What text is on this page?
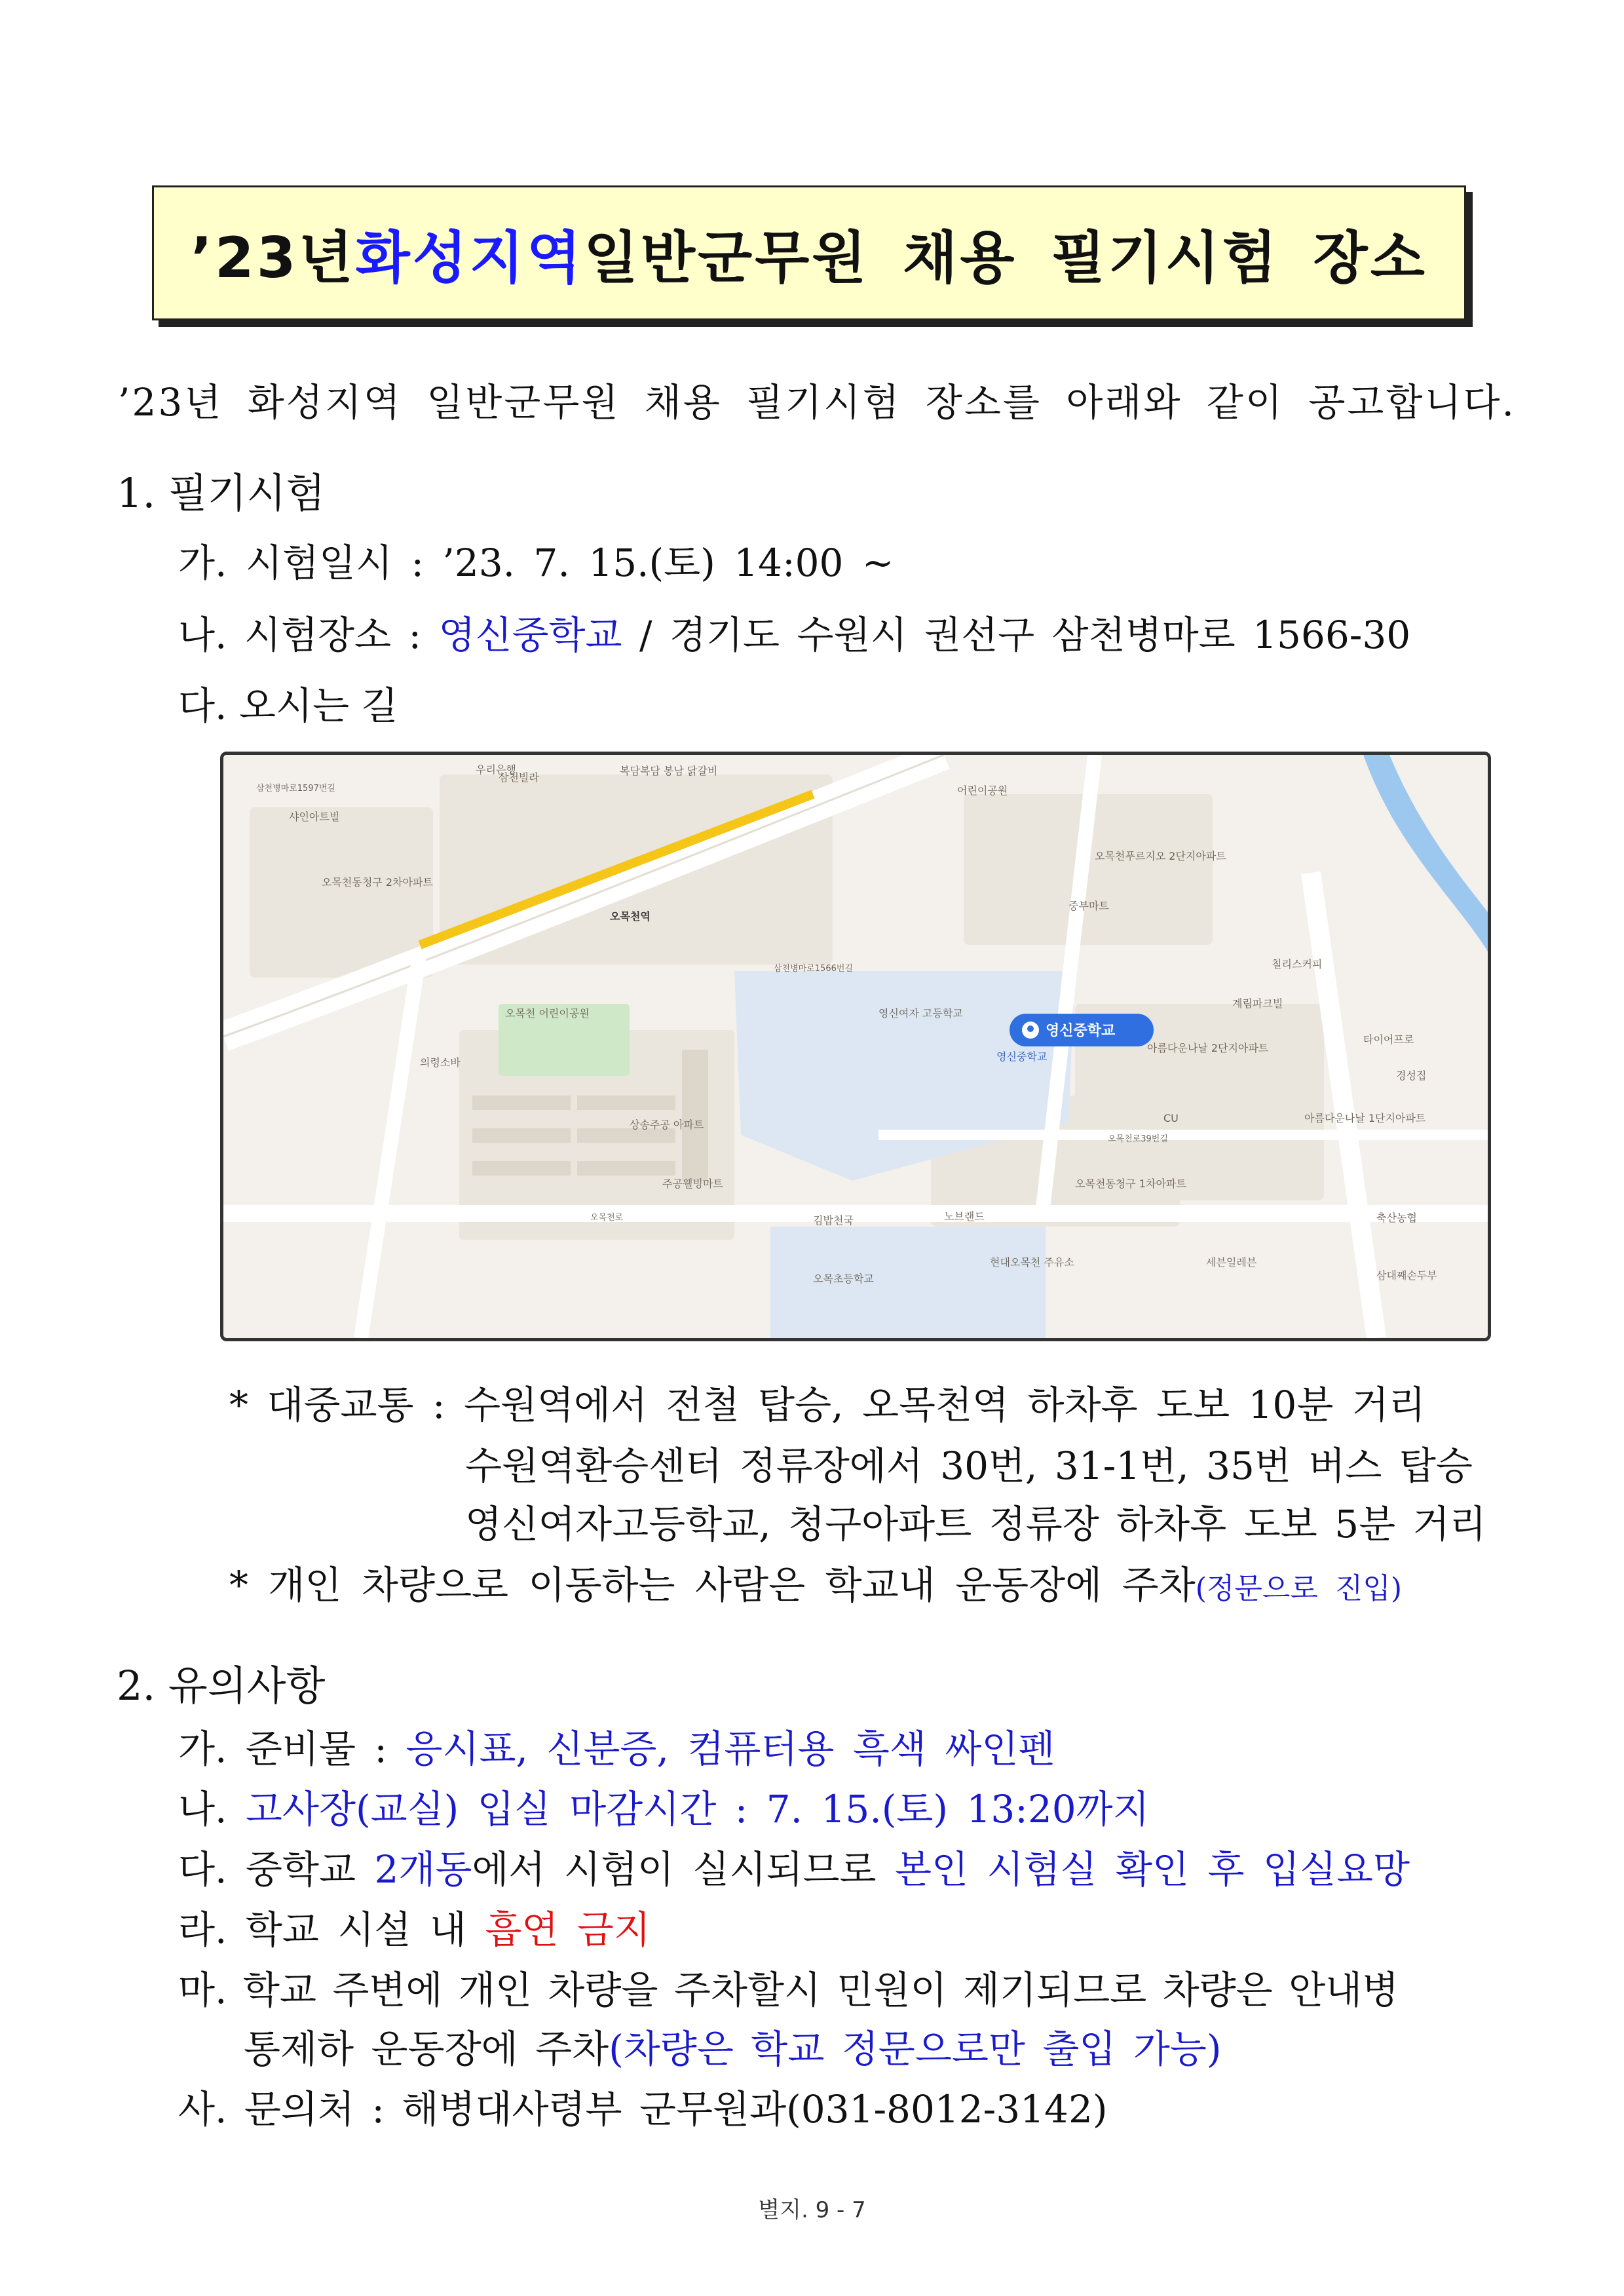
’23년 화성지역 일반군무원 채용 필기시험 장소
’23년 화성지역 일반군무원 채용 필기시험 장소를 아래와 같이 공고합니다.
1. 필기시험
가. 시험일시 : ’23. 7. 15.(토) 14:00 ~
나. 시험장소 : 영신중학교 / 경기도 수원시 권선구 삼천병마로 1566-30
다. 오시는 길
우리은행
샤인아트빌
오목천동청구 2차아파트
삼천빌라
복담복담 봉남 닭갈비
오목천역
오목천푸르지오 2단지아파트
중부마트
칠리스커피
계림파크빌
영신여자 고등학교
영신중학교
아름다운나날 2단지아파트
타이어프로
경성집
오목천 어린이공원
의령소바
상송주공 아파트
CU	아름다운나날 1단지아파트
오목천동청구 1차아파트
김밥천국	노브랜드	축산농협
주공웰빙마트
현대오목천 주유소	세븐일레븐
오목초등학교	삼대째손두부
어린이공원
오목천로
오목천로39번길
삼천병마로1566번길
삼천병마로1597번길
영신중학교
* 대중교통 : 수원역에서 전철 탑승, 오목천역 하차후 도보 10분 거리
수원역환승센터 정류장에서 30번, 31-1번, 35번 버스 탑승
영신여자고등학교, 청구아파트 정류장 하차후 도보 5분 거리
* 개인 차량으로 이동하는 사람은 학교내 운동장에 주차(정문으로 진입)
2. 유의사항
가. 준비물 : 응시표, 신분증, 컴퓨터용 흑색 싸인펜
나. 고사장(교실) 입실 마감시간 : 7. 15.(토) 13:20까지
다. 중학교 2개동에서 시험이 실시되므로 본인 시험실 확인 후 입실요망
라. 학교 시설 내 흡연 금지
마. 학교 주변에 개인 차량을 주차할시 민원이 제기되므로 차량은 안내병
통제하 운동장에 주차(차량은 학교 정문으로만 출입 가능)
사. 문의처 : 해병대사령부 군무원과(031-8012-3142)
별지. 9 - 7
